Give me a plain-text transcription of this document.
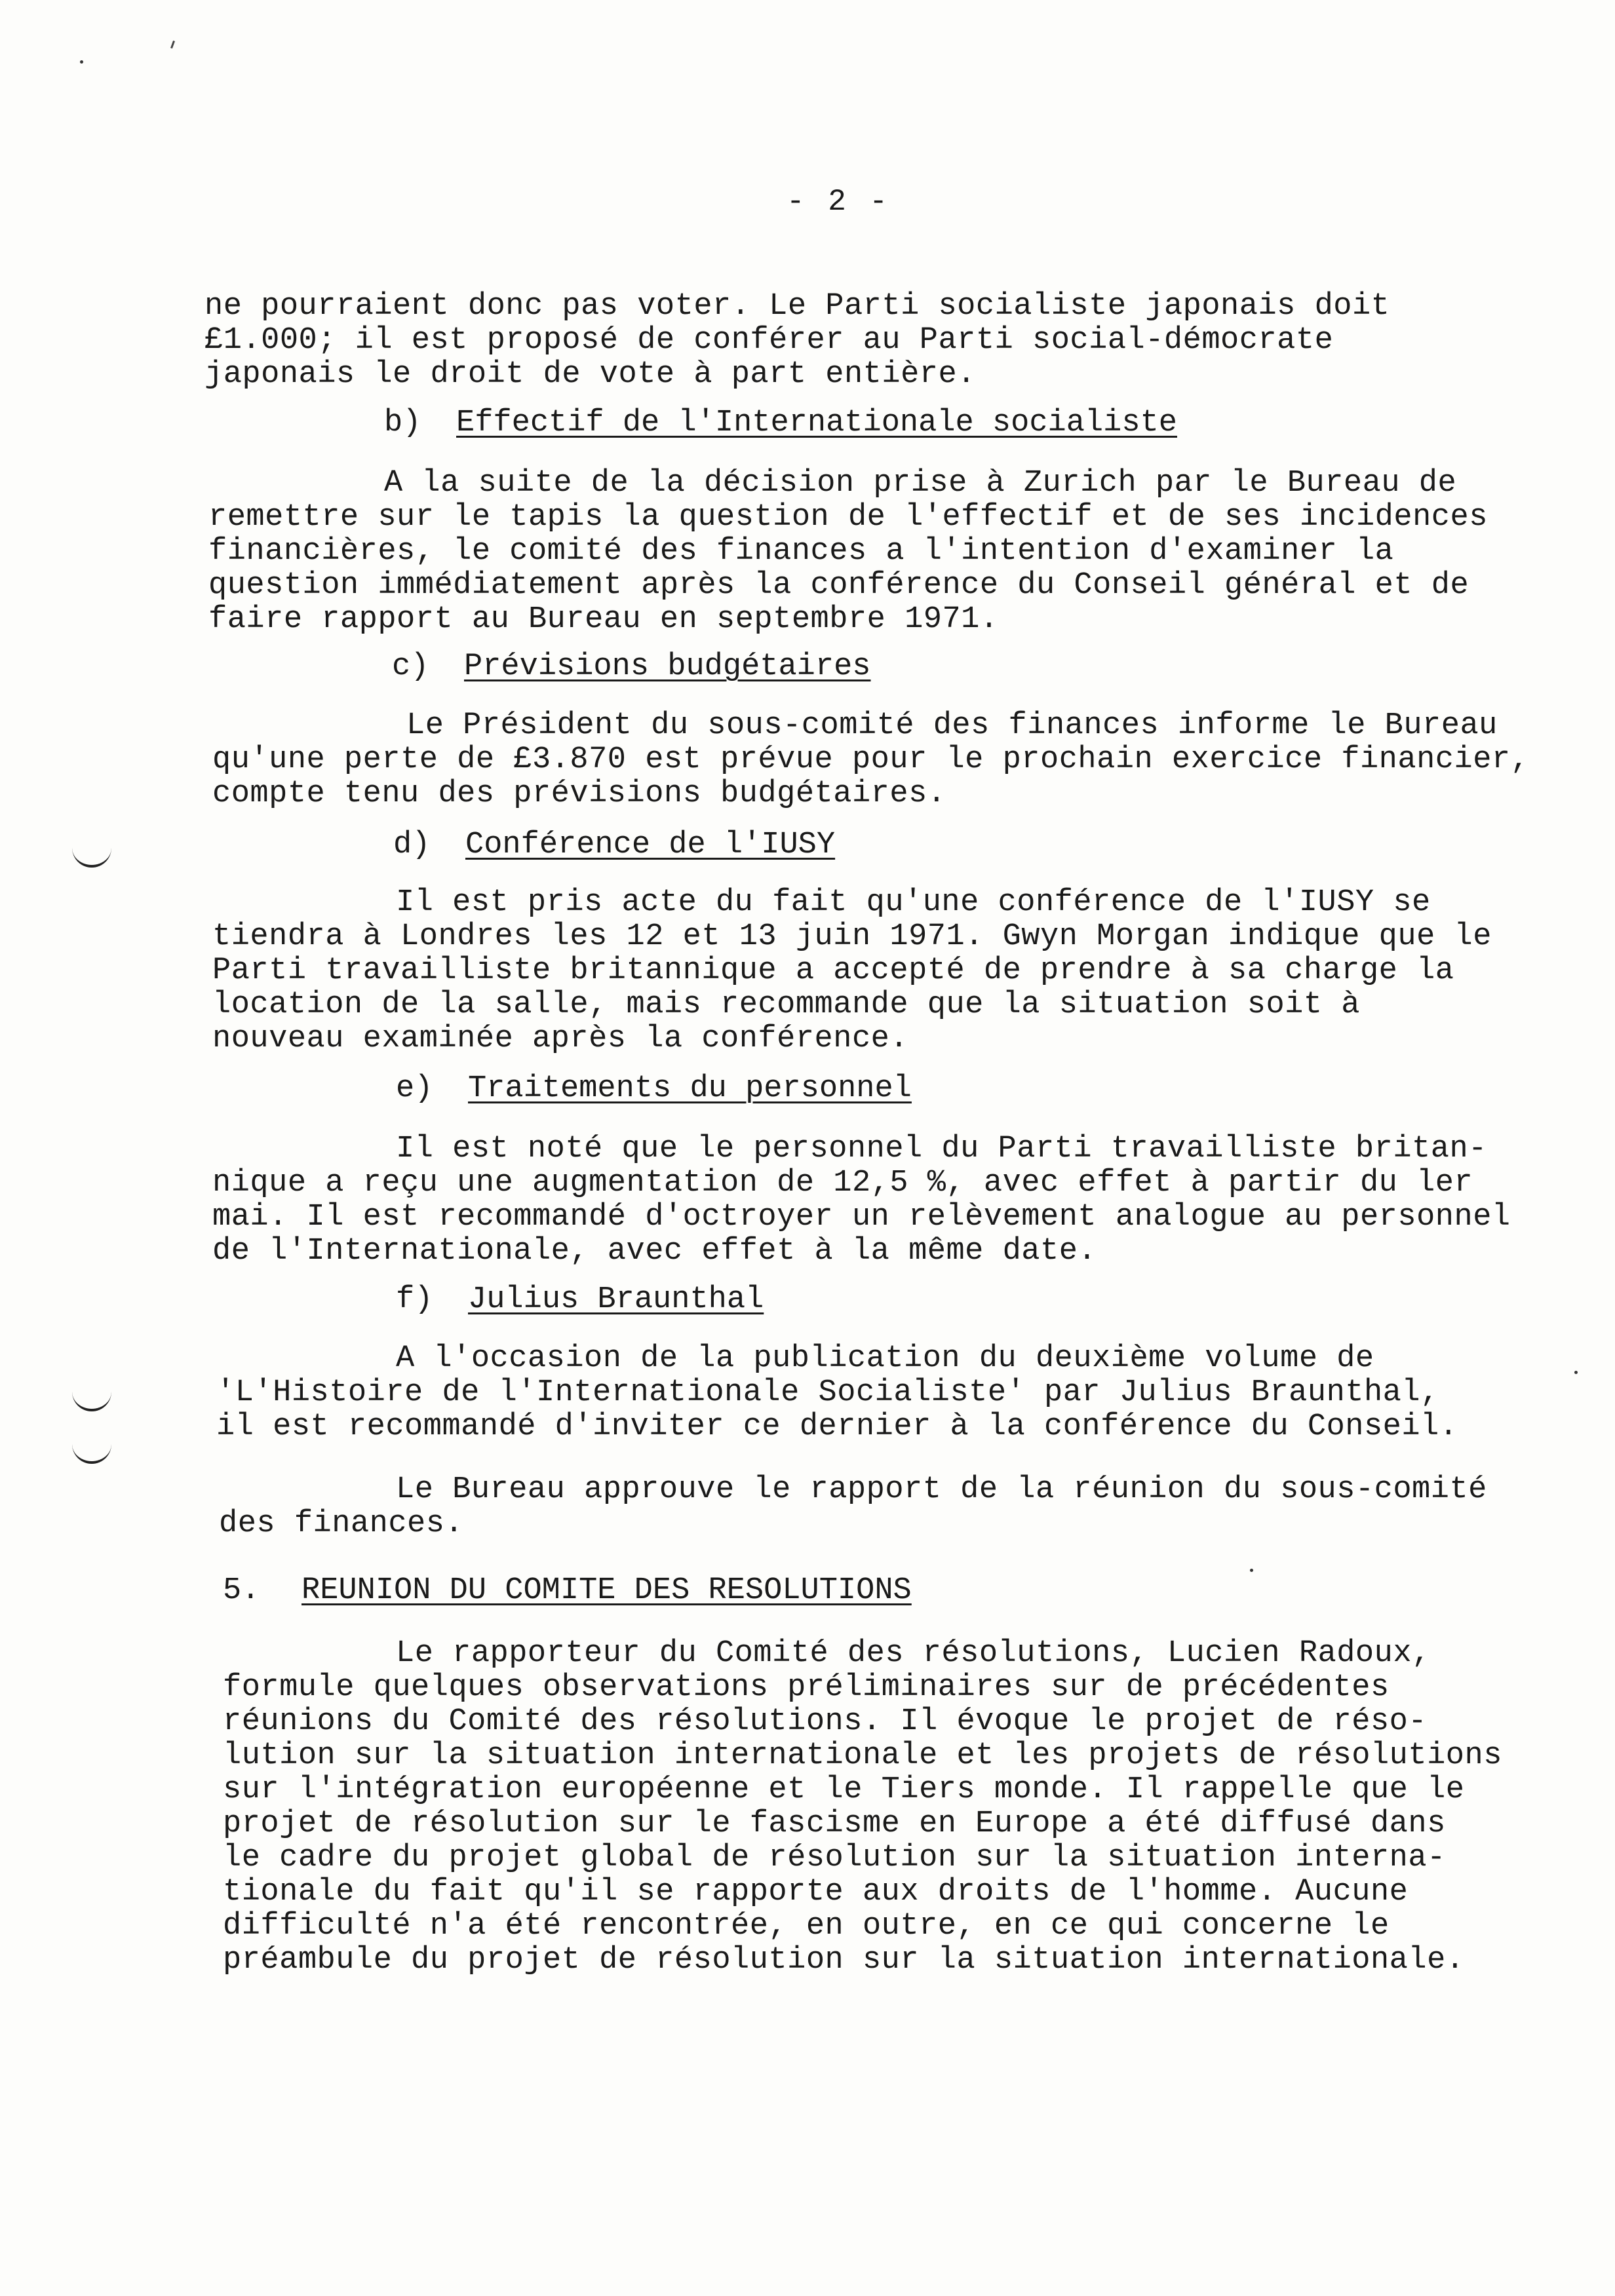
- 2 -
ne pourraient donc pas voter. Le Parti socialiste japonais doit
£1.000; il est proposé de conférer au Parti social-démocrate
japonais le droit de vote à part entière.
b) Effectif de l'Internationale socialiste
A la suite de la décision prise à Zurich par le Bureau de
remettre sur le tapis la question de l'effectif et de ses incidences
financières, le comité des finances a l'intention d'examiner la
question immédiatement après la conférence du Conseil général et de
faire rapport au Bureau en septembre 1971.
c) Prévisions budgétaires
Le Président du sous-comité des finances informe le Bureau
qu'une perte de £3.870 est prévue pour le prochain exercice financier,
compte tenu des prévisions budgétaires.
d) Conférence de l'IUSY
Il est pris acte du fait qu'une conférence de l'IUSY se
tiendra à Londres les 12 et 13 juin 1971. Gwyn Morgan indique que le
Parti travailliste britannique a accepté de prendre à sa charge la
location de la salle, mais recommande que la situation soit à
nouveau examinée après la conférence.
e) Traitements du personnel
Il est noté que le personnel du Parti travailliste britan-
nique a reçu une augmentation de 12,5 %, avec effet à partir du ler
mai. Il est recommandé d'octroyer un relèvement analogue au personnel
de l'Internationale, avec effet à la même date.
f) Julius Braunthal
A l'occasion de la publication du deuxième volume de
'L'Histoire de l'Internationale Socialiste' par Julius Braunthal,
il est recommandé d'inviter ce dernier à la conférence du Conseil.
Le Bureau approuve le rapport de la réunion du sous-comité
des finances.
5. REUNION DU COMITE DES RESOLUTIONS
Le rapporteur du Comité des résolutions, Lucien Radoux,
formule quelques observations préliminaires sur de précédentes
réunions du Comité des résolutions. Il évoque le projet de réso-
lution sur la situation internationale et les projets de résolutions
sur l'intégration européenne et le Tiers monde. Il rappelle que le
projet de résolution sur le fascisme en Europe a été diffusé dans
le cadre du projet global de résolution sur la situation interna-
tionale du fait qu'il se rapporte aux droits de l'homme. Aucune
difficulté n'a été rencontrée, en outre, en ce qui concerne le
préambule du projet de résolution sur la situation internationale.
